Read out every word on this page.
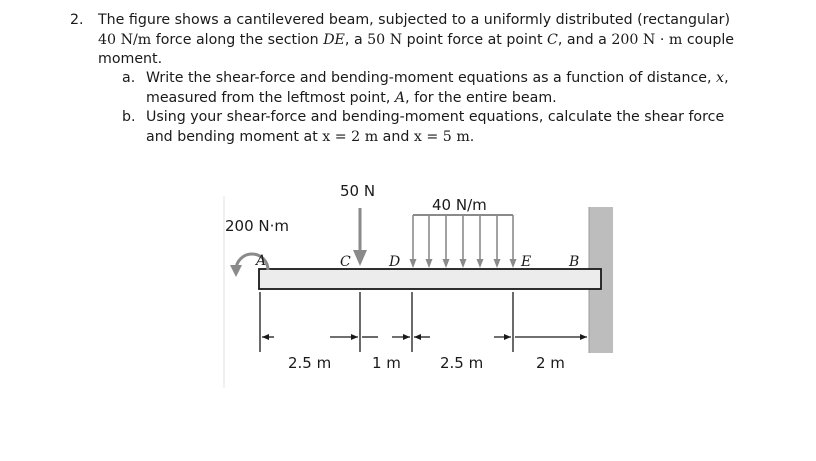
2. The figure shows a cantilevered beam, subjected to a uniformly distributed (rectangular)
40 N/m force along the section DE, a 50 N point force at point C, and a 200 N · m couple
moment.
a. Write the shear-force and bending-moment equations as a function of distance, x,
measured from the leftmost point, A, for the entire beam.
b. Using your shear-force and bending-moment equations, calculate the shear force
and bending moment at x = 2 m and x = 5 m.
200 N·m
A
50 N
C
40 N/m
D	E	B
2.5 m	1 m	2.5 m	2 m
